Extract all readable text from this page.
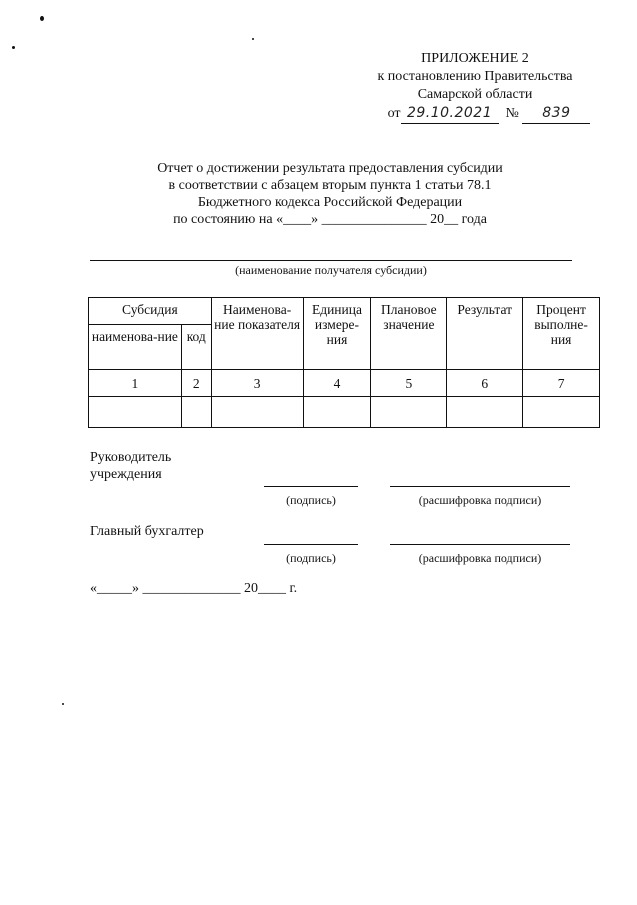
ПРИЛОЖЕНИЕ 2
к постановлению Правительства
Самарской области
от 29.10.2021 № 839
Отчет о достижении результата предоставления субсидии
в соответствии с абзацем вторым пункта 1 статьи 78.1
Бюджетного кодекса Российской Федерации
по состоянию на «____» _______________ 20__ года
(наименование получателя субсидии)
Субсидия		Наименова-ние показателя	Единица измере-ния	Плановое значение	Результат	Процент выполне-ния
наименова-ние	код					
1	2	3	4	5	6	7

Руководитель
учреждения
(подпись)	(расшифровка подписи)
Главный бухгалтер
(подпись)	(расшифровка подписи)
«_____» ______________ 20____ г.
